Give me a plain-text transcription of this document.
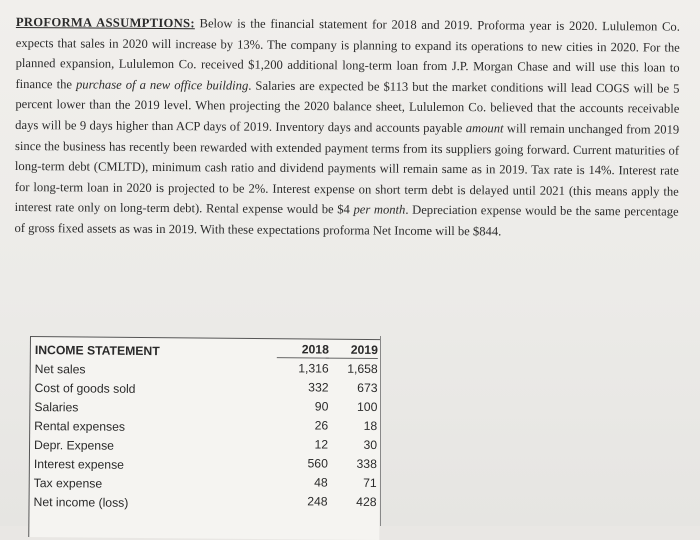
PROFORMA ASSUMPTIONS: Below is the financial statement for 2018 and 2019. Proforma year is 2020. Lululemon Co. expects that sales in 2020 will increase by 13%. The company is planning to expand its operations to new cities in 2020. For the planned expansion, Lululemon Co. received $1,200 additional long-term loan from J.P. Morgan Chase and will use this loan to finance the purchase of a new office building. Salaries are expected be $113 but the market conditions will lead COGS will be 5 percent lower than the 2019 level. When projecting the 2020 balance sheet, Lululemon Co. believed that the accounts receivable days will be 9 days higher than ACP days of 2019. Inventory days and accounts payable amount will remain unchanged from 2019 since the business has recently been rewarded with extended payment terms from its suppliers going forward. Current maturities of long-term debt (CMLTD), minimum cash ratio and dividend payments will remain same as in 2019. Tax rate is 14%. Interest rate for long-term loan in 2020 is projected to be 2%. Interest expense on short term debt is delayed until 2021 (this means apply the interest rate only on long-term debt). Rental expense would be $4 per month. Depreciation expense would be the same percentage of gross fixed assets as was in 2019. With these expectations proforma Net Income will be $844.
INCOME STATEMENT
Net sales
Cost of goods sold
Salaries
Rental expenses
Depr. Expense
Interest expense
Tax expense
Net income (loss)
2018
1,316
332
90
26
12
560
48
248
2019
1,658
673
100
18
30
338
71
428
